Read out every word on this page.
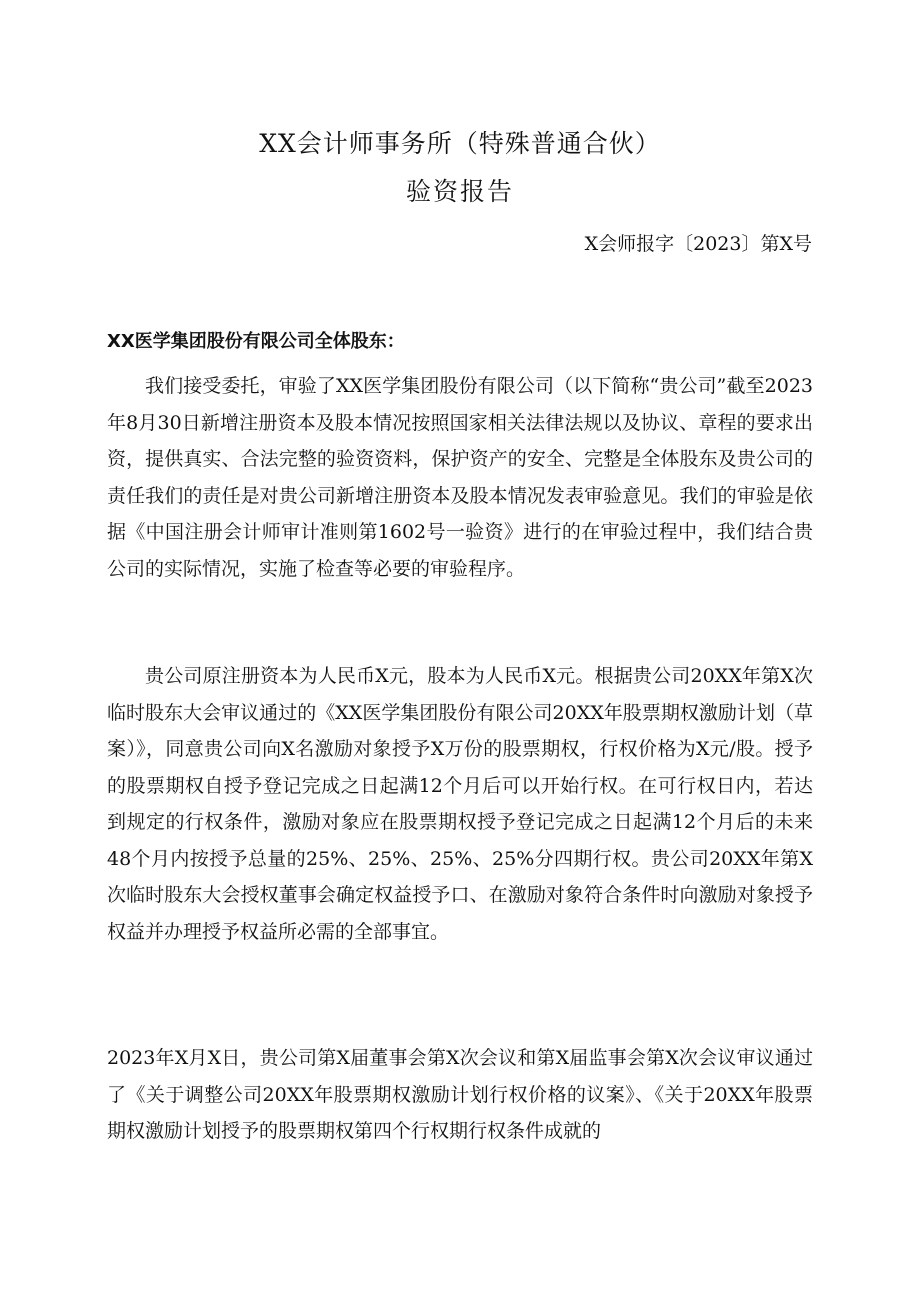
XX会计师事务所（特殊普通合伙）
验资报告
X会师报字〔2023〕第X号
XX医学集团股份有限公司全体股东：

我们接受委托，审验了XX医学集团股份有限公司（以下简称“贵公司”截至2023年8月30日新增注册资本及股本情况按照国家相关法律法规以及协议、章程的要求出资，提供真实、合法完整的验资资料，保护资产的安全、完整是全体股东及贵公司的责任我们的责任是对贵公司新增注册资本及股本情况发表审验意见。我们的审验是依据《中国注册会计师审计准则第1602号一验资》进行的在审验过程中，我们结合贵公司的实际情况，实施了检查等必要的审验程序。

贵公司原注册资本为人民币X元，股本为人民币X元。根据贵公司20XX年第X次临时股东大会审议通过的《XX医学集团股份有限公司20XX年股票期权激励计划（草案）》，同意贵公司向X名激励对象授予X万份的股票期权，行权价格为X元/股。授予的股票期权自授予登记完成之日起满12个月后可以开始行权。在可行权日内，若达到规定的行权条件，激励对象应在股票期权授予登记完成之日起满12个月后的未来48个月内按授予总量的25%、25%、25%、25%分四期行权。贵公司20XX年第X次临时股东大会授权董事会确定权益授予口、在激励对象符合条件时向激励对象授予权益并办理授予权益所必需的全部事宜。

2023年X月X日，贵公司第X届董事会第X次会议和第X届监事会第X次会议审议通过了《关于调整公司20XX年股票期权激励计划行权价格的议案》、《关于20XX年股票期权激励计划授予的股票期权第四个行权期行权条件成就的
